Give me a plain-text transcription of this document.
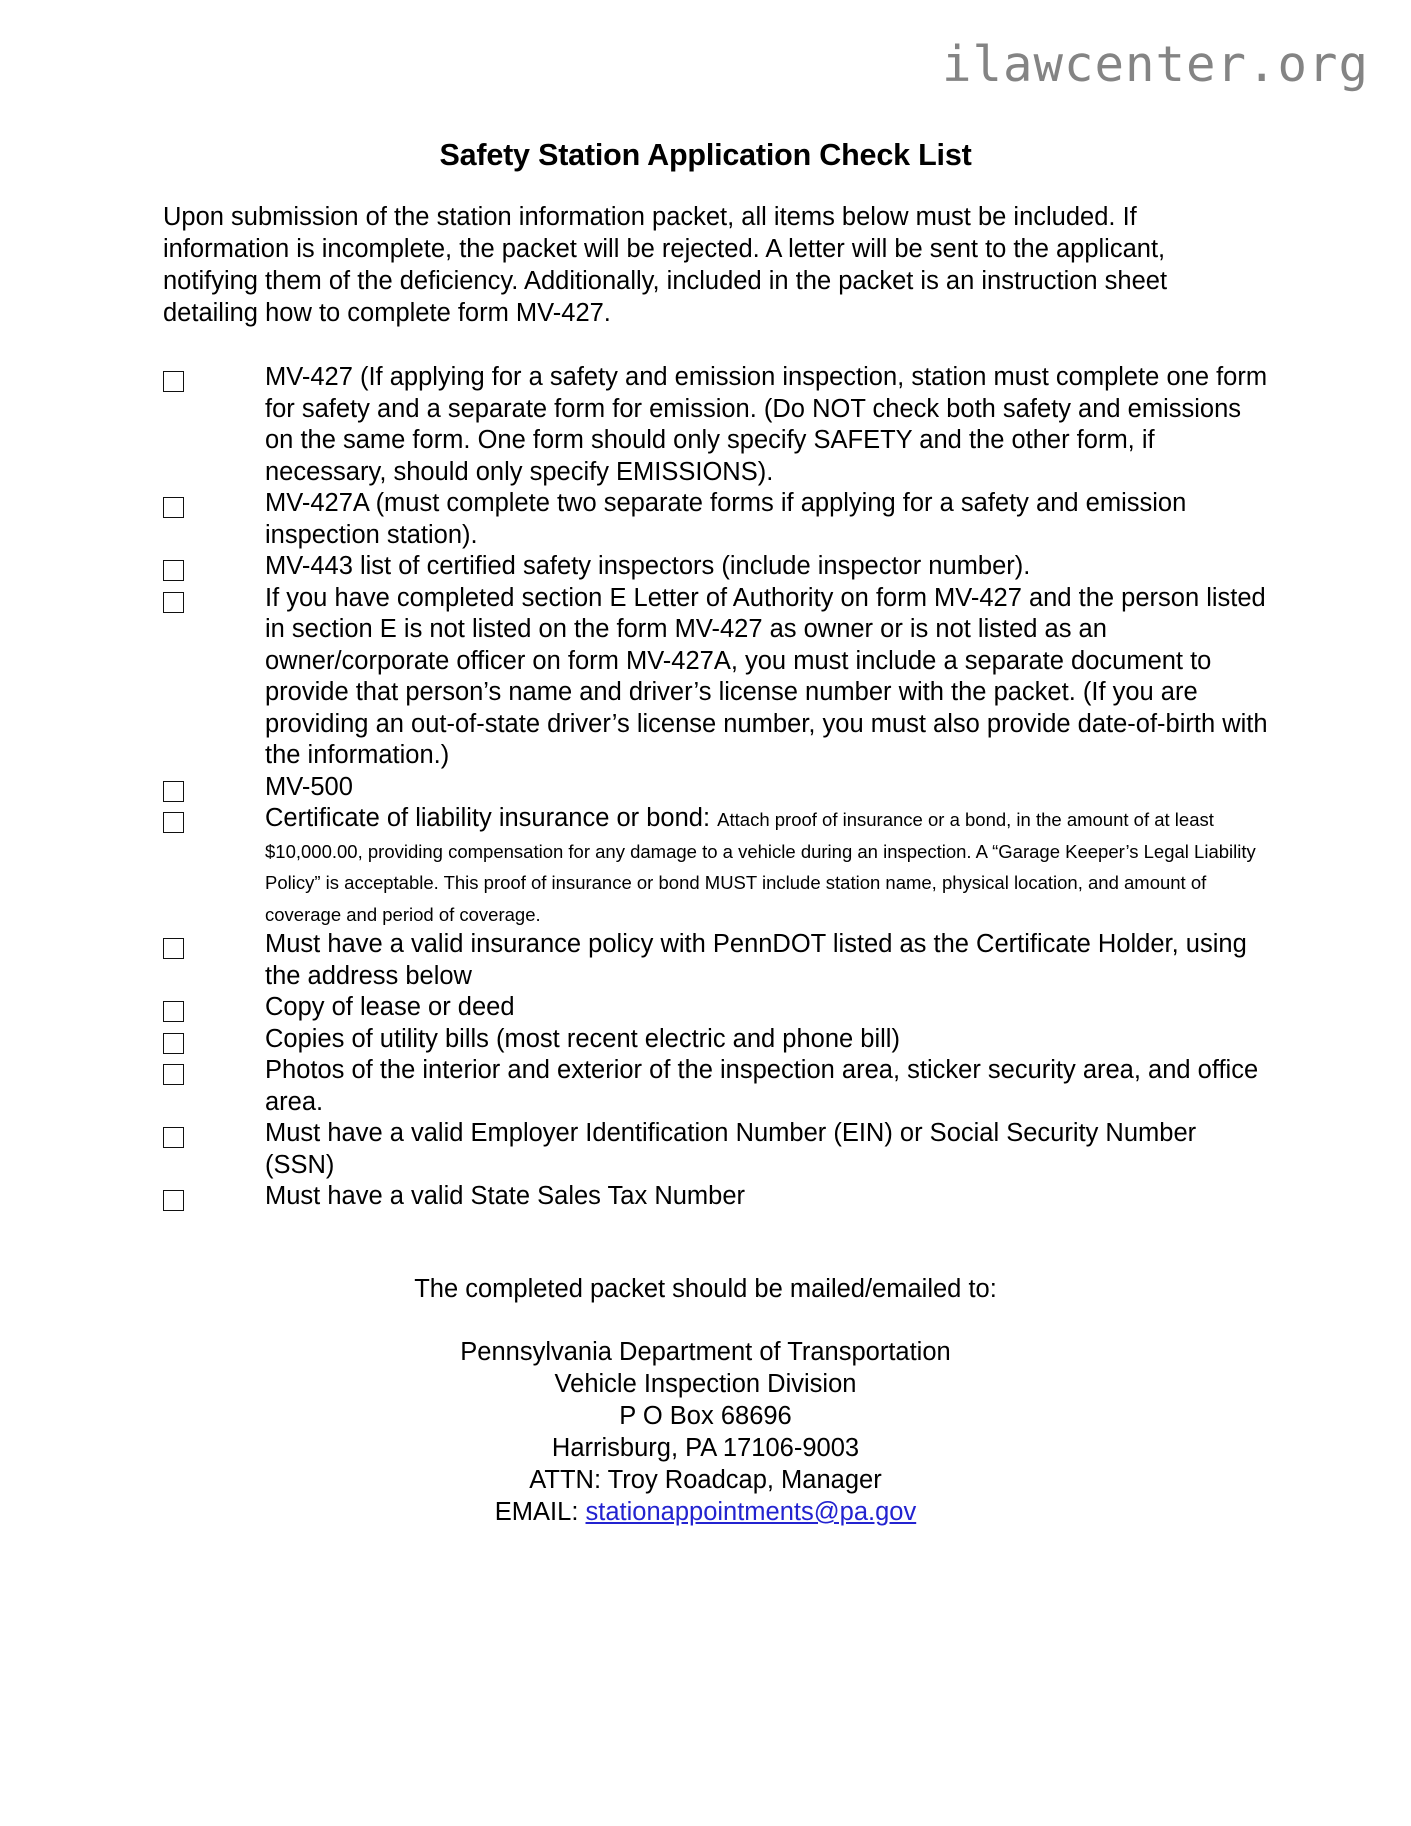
ilawcenter.org
Safety Station Application Check List
Upon submission of the station information packet, all items below must be included. If information is incomplete, the packet will be rejected. A letter will be sent to the applicant, notifying them of the deficiency. Additionally, included in the packet is an instruction sheet detailing how to complete form MV-427.
MV-427 (If applying for a safety and emission inspection, station must complete one form for safety and a separate form for emission. (Do NOT check both safety and emissions on the same form. One form should only specify SAFETY and the other form, if necessary, should only specify EMISSIONS).
MV-427A (must complete two separate forms if applying for a safety and emission inspection station).
MV-443 list of certified safety inspectors (include inspector number).
If you have completed section E Letter of Authority on form MV-427 and the person listed in section E is not listed on the form MV-427 as owner or is not listed as an owner/corporate officer on form MV-427A, you must include a separate document to provide that person’s name and driver’s license number with the packet. (If you are providing an out-of-state driver’s license number, you must also provide date-of-birth with the information.)
MV-500
Certificate of liability insurance or bond: Attach proof of insurance or a bond, in the amount of at least $10,000.00, providing compensation for any damage to a vehicle during an inspection. A “Garage Keeper’s Legal Liability Policy” is acceptable. This proof of insurance or bond MUST include station name, physical location, and amount of coverage and period of coverage.
Must have a valid insurance policy with PennDOT listed as the Certificate Holder, using the address below
Copy of lease or deed
Copies of utility bills (most recent electric and phone bill)
Photos of the interior and exterior of the inspection area, sticker security area, and office area.
Must have a valid Employer Identification Number (EIN) or Social Security Number (SSN)
Must have a valid State Sales Tax Number
The completed packet should be mailed/emailed to:
Pennsylvania Department of Transportation
Vehicle Inspection Division
P O Box 68696
Harrisburg, PA 17106-9003
ATTN: Troy Roadcap, Manager
EMAIL: stationappointments@pa.gov
